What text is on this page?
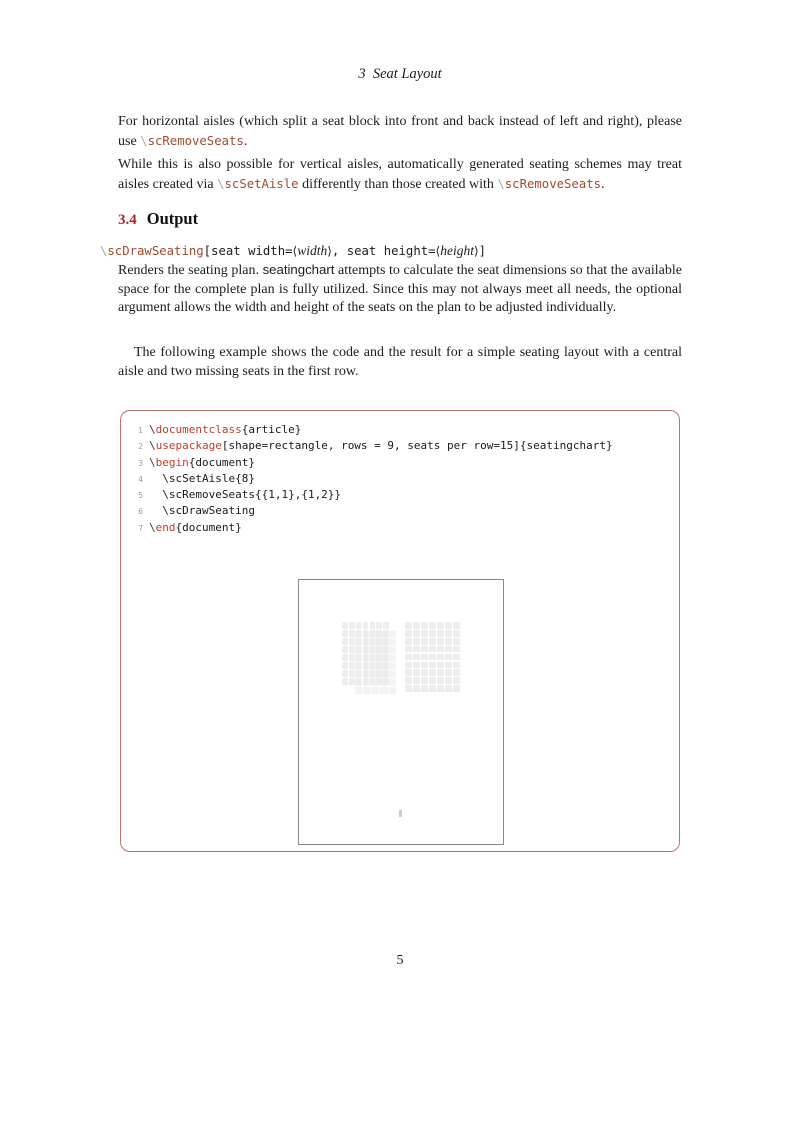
3  Seat Layout
For horizontal aisles (which split a seat block into front and back instead of left and right), please use \scRemoveSeats.
While this is also possible for vertical aisles, automatically generated seating schemes may treat aisles created via \scSetAisle differently than those created with \scRemoveSeats.
3.4 Output
\scDrawSeating[seat width=⟨width⟩, seat height=⟨height⟩]
Renders the seating plan. seatingchart attempts to calculate the seat dimensions so that the available space for the complete plan is fully utilized. Since this may not always meet all needs, the optional argument allows the width and height of the seats on the plan to be adjusted individually.
The following example shows the code and the result for a simple seating layout with a central aisle and two missing seats in the first row.
1 \documentclass{article}
2 \usepackage[shape=rectangle, rows = 9, seats per row=15]{seatingchart}
3 \begin{document}
4 \scSetAisle{8}
5 \scRemoveSeats{{1,1},{1,2}}
6 \scDrawSeating
7 \end{document}
5
